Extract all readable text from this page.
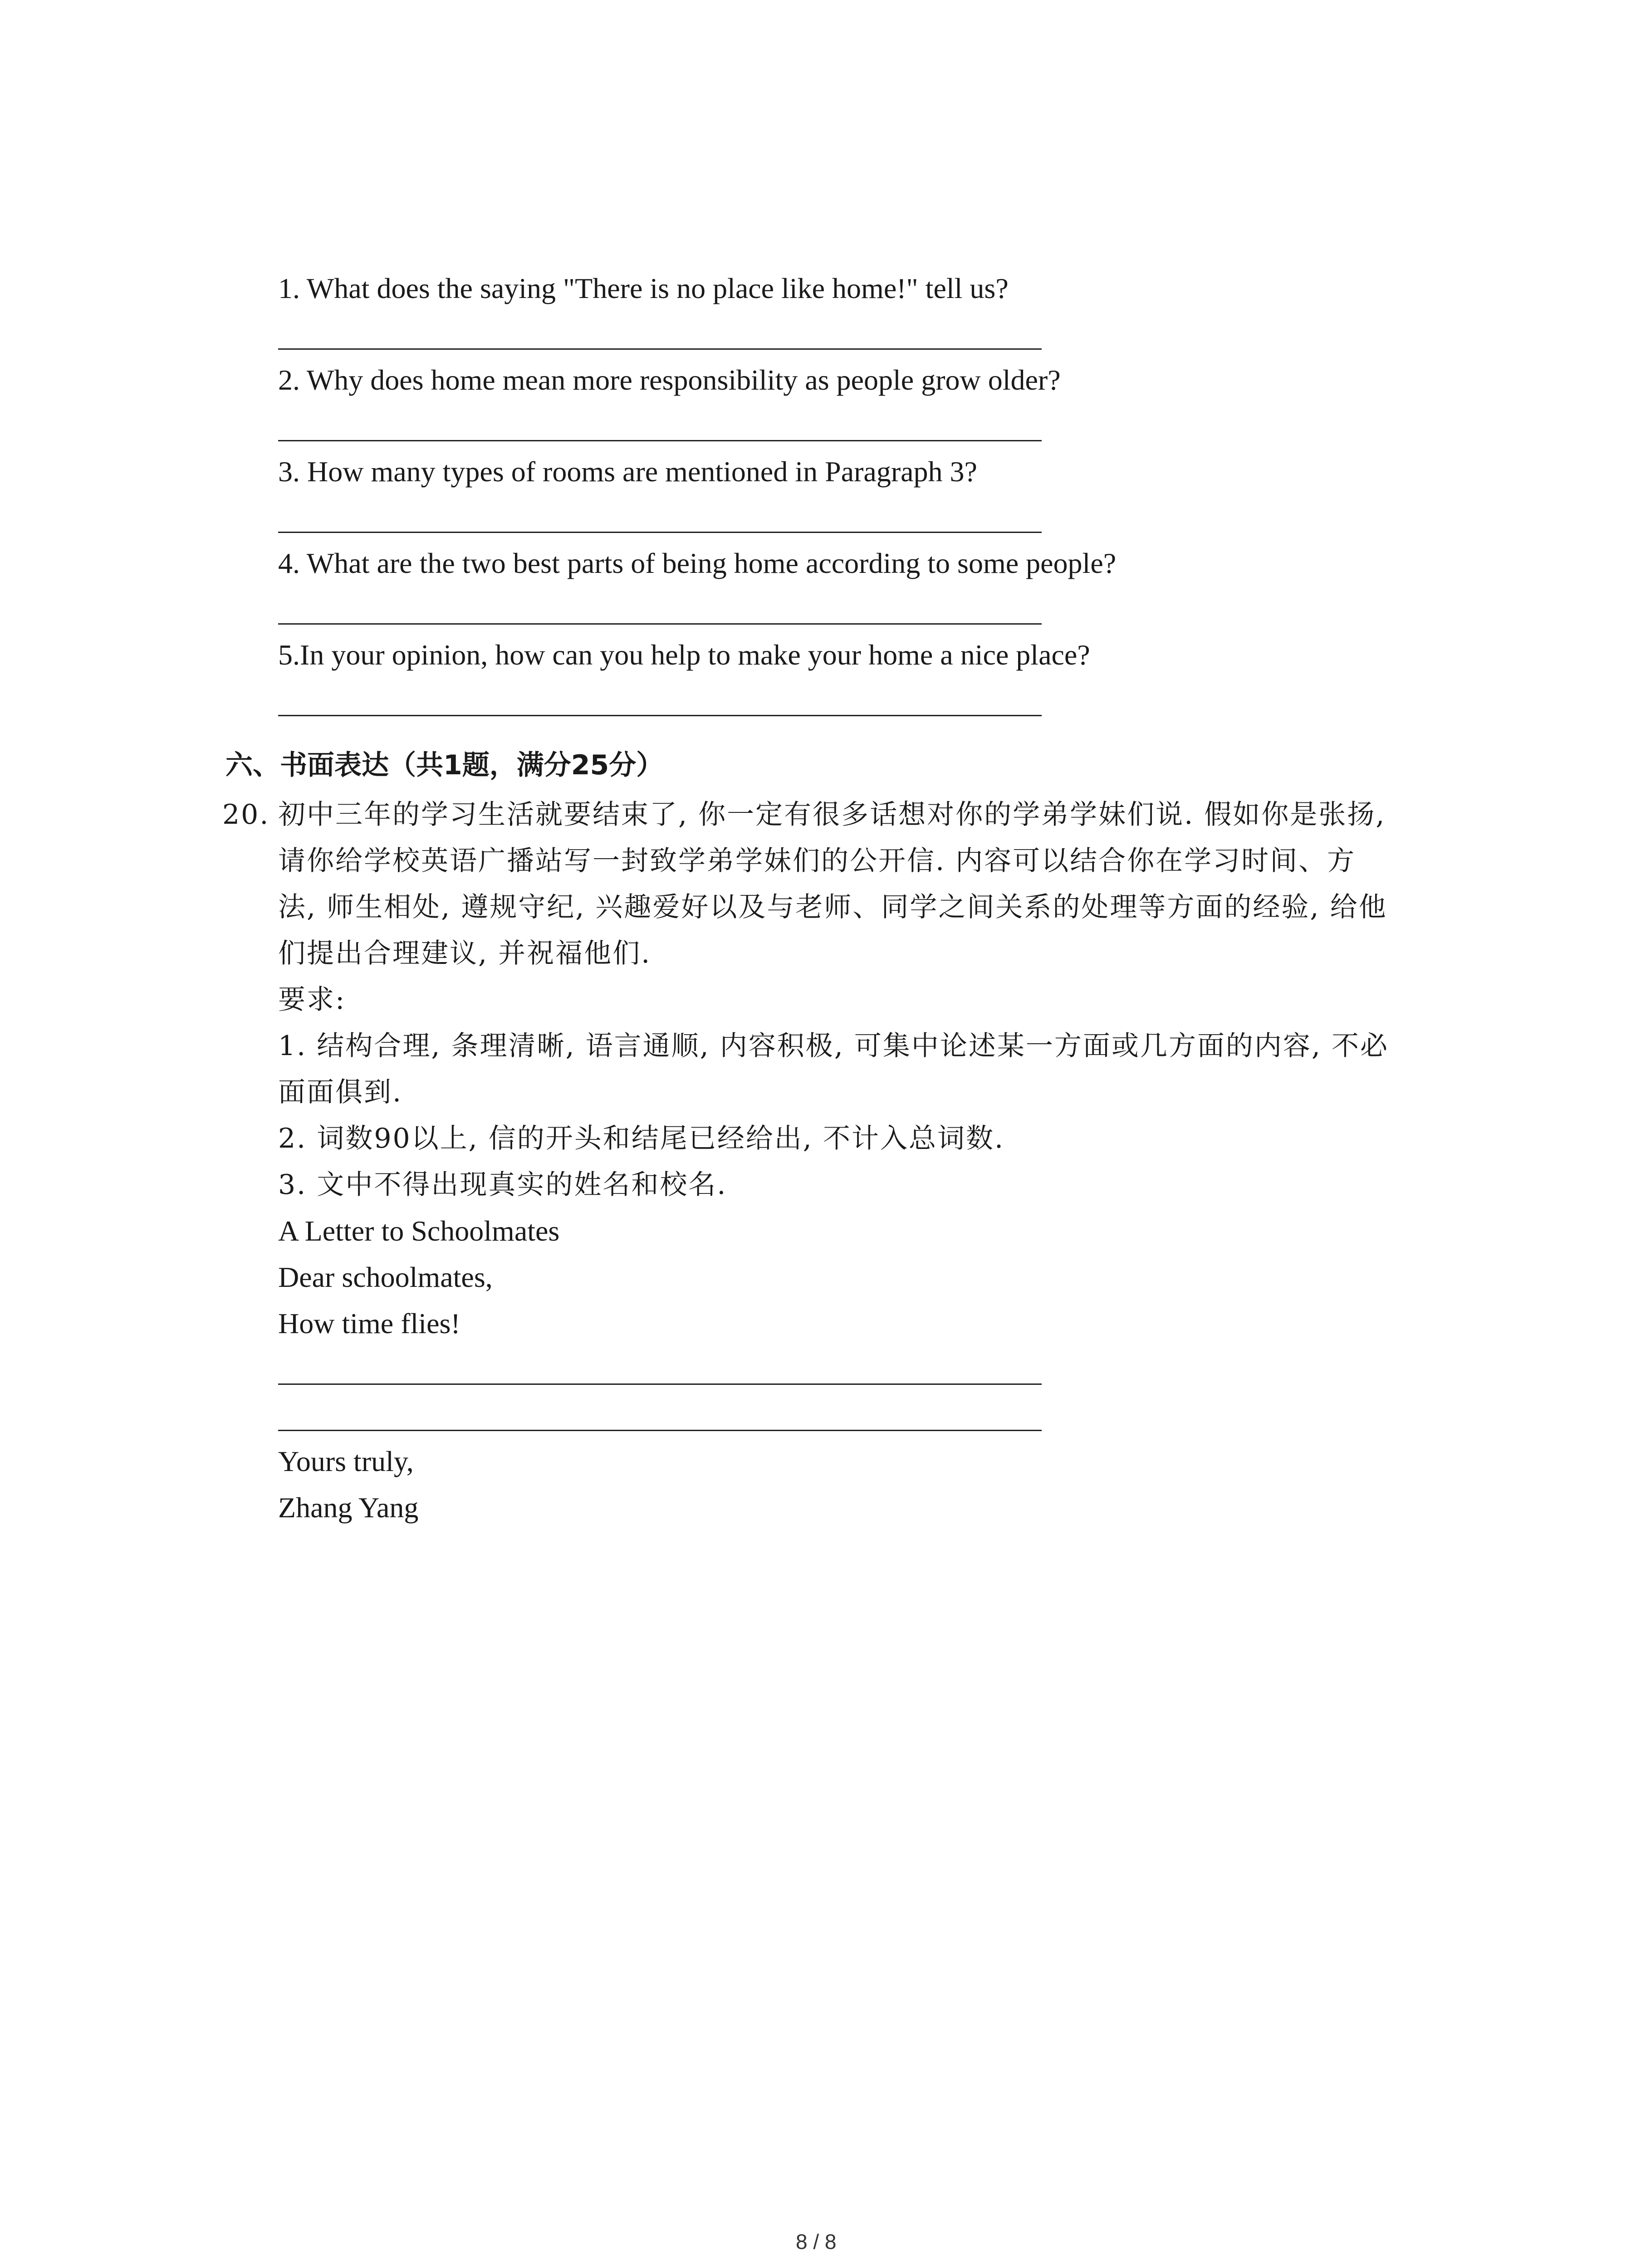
1. What does the saying "There is no place like home!" tell us?
2. Why does home mean more responsibility as people grow older?
3. How many types of rooms are mentioned in Paragraph 3?
4. What are the two best parts of being home according to some people?
5.In your opinion, how can you help to make your home a nice place?
六、书面表达（共1题，满分25分）
20. 初中三年的学习生活就要结束了, 你一定有很多话想对你的学弟学妹们说. 假如你是张扬,
请你给学校英语广播站写一封致学弟学妹们的公开信. 内容可以结合你在学习时间、方
法, 师生相处, 遵规守纪, 兴趣爱好以及与老师、同学之间关系的处理等方面的经验, 给他
们提出合理建议, 并祝福他们.
要求:
1. 结构合理, 条理清晰, 语言通顺, 内容积极, 可集中论述某一方面或几方面的内容, 不必
面面俱到.
2. 词数90以上, 信的开头和结尾已经给出, 不计入总词数.
3. 文中不得出现真实的姓名和校名.
A Letter to Schoolmates
Dear schoolmates,
How time flies!
Yours truly,
Zhang Yang
8 / 8
